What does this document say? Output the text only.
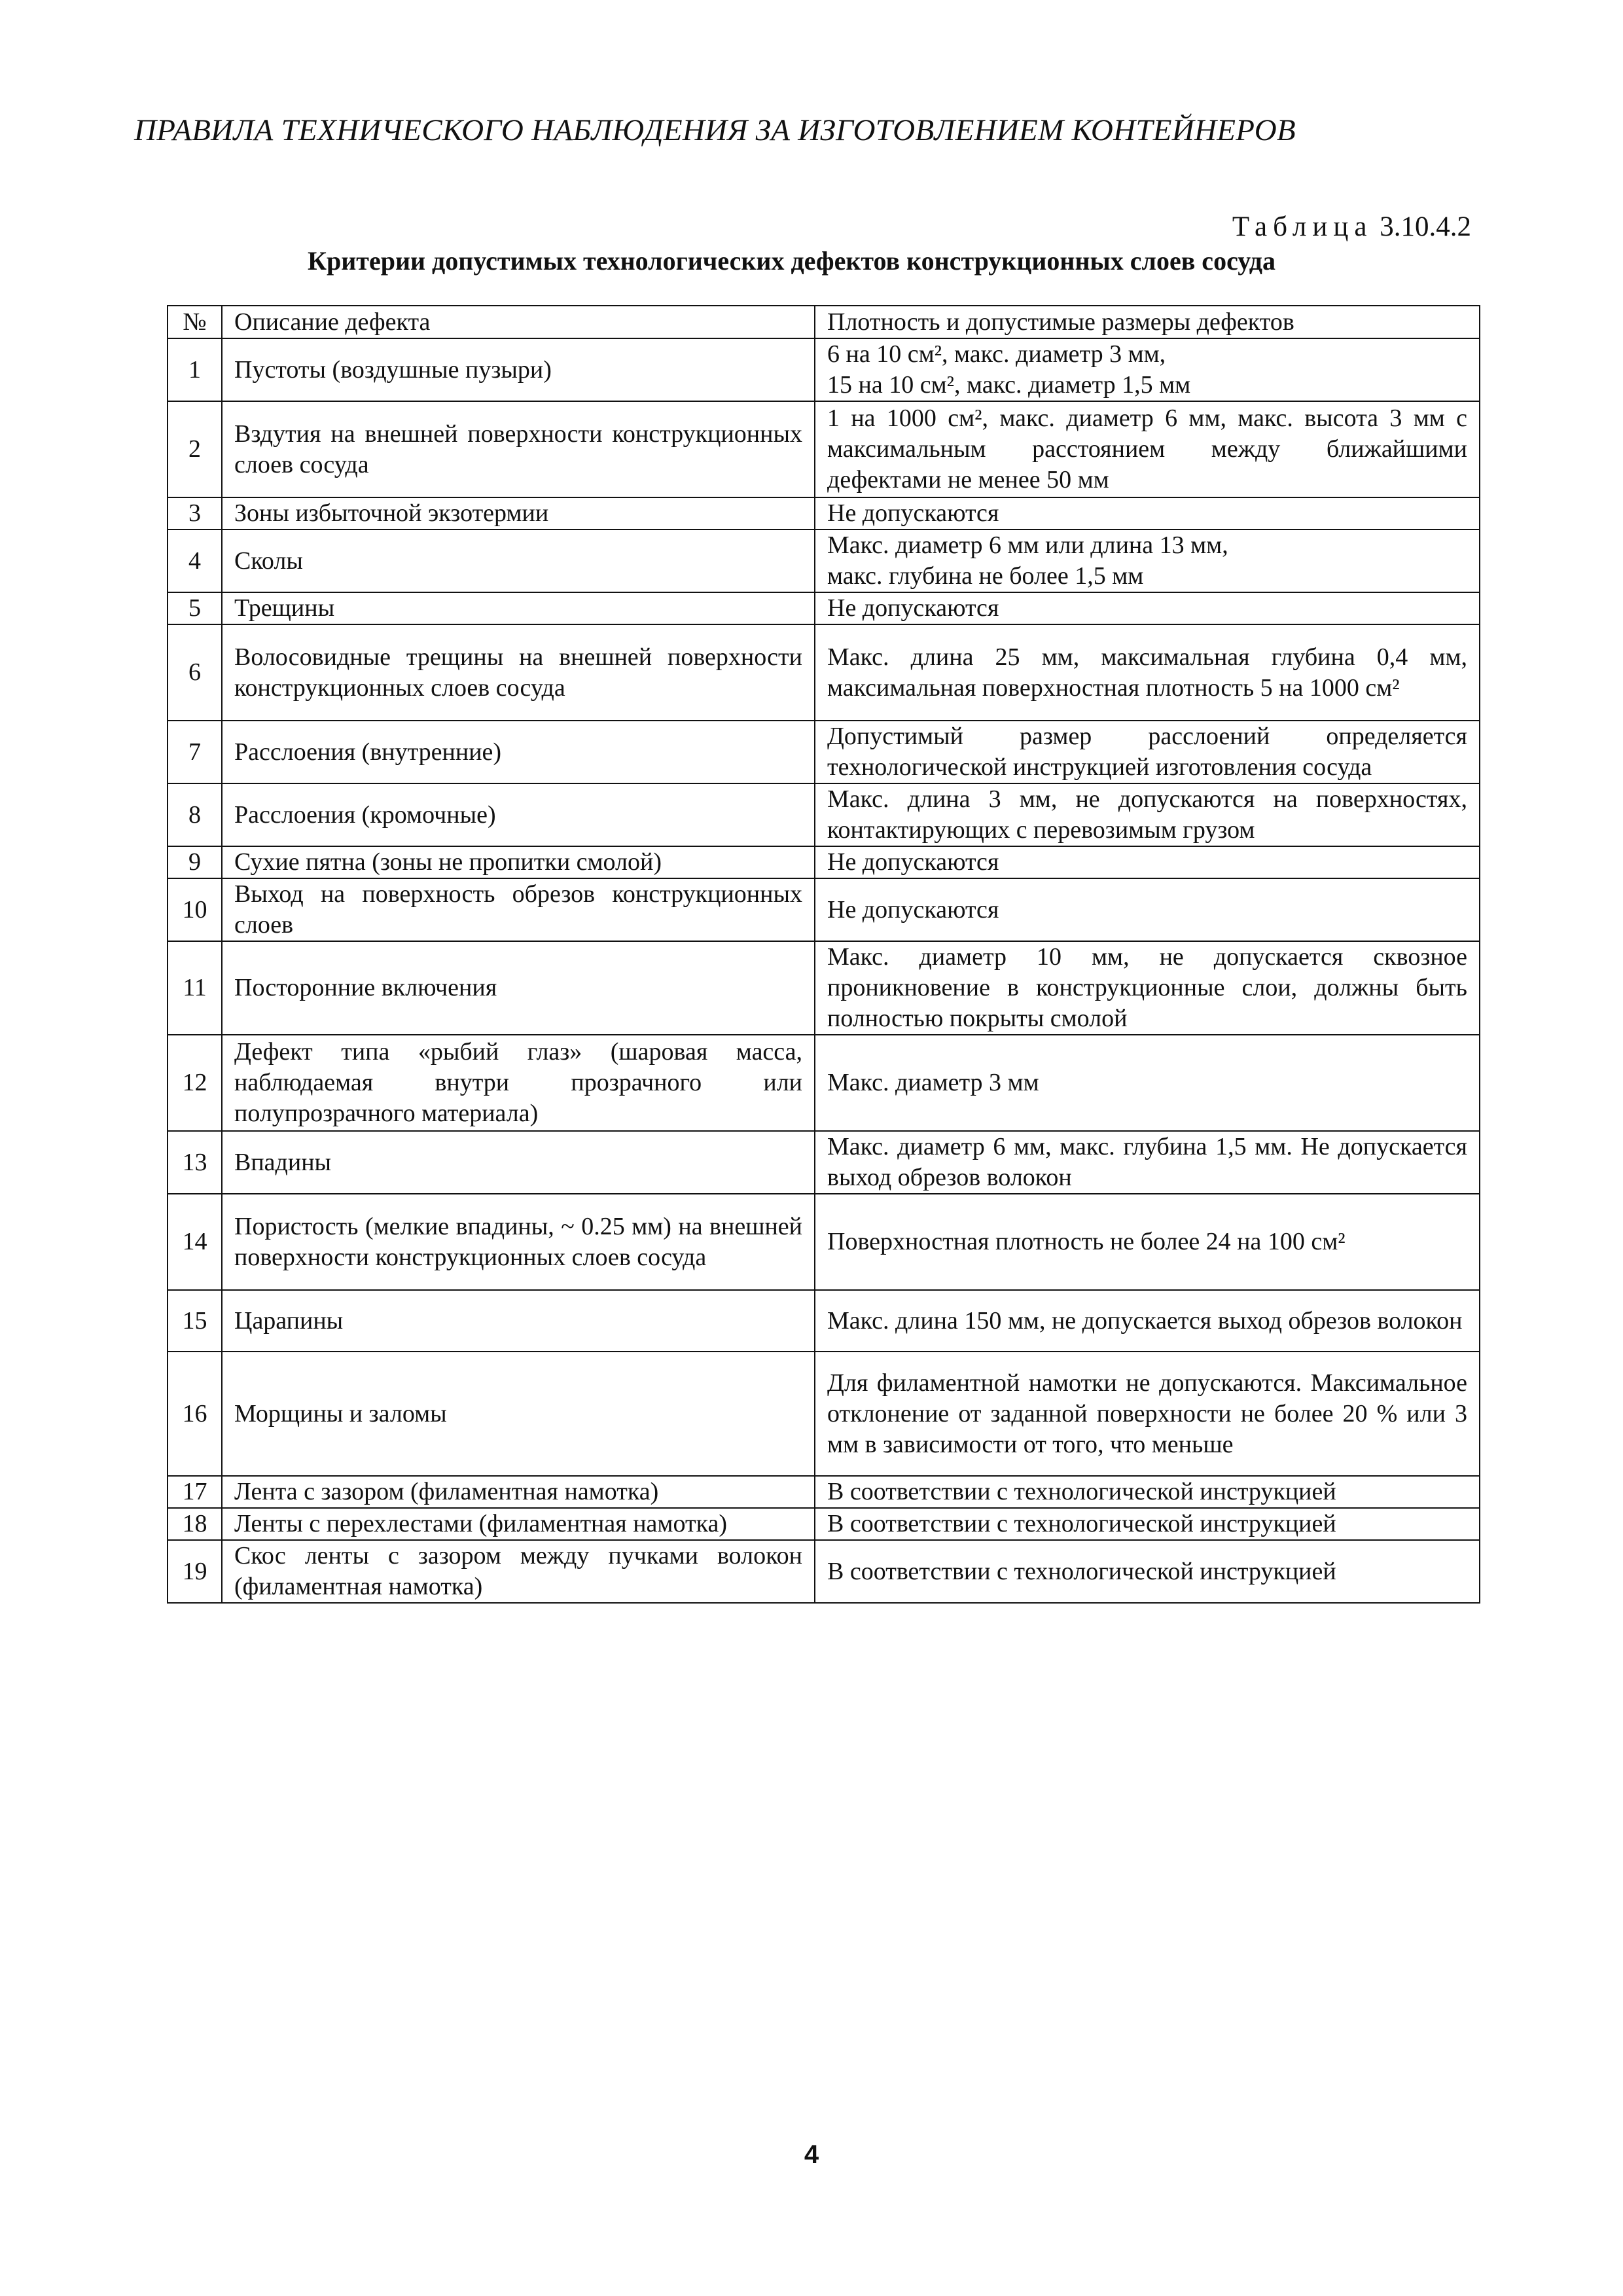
ПРАВИЛА ТЕХНИЧЕСКОГО НАБЛЮДЕНИЯ ЗА ИЗГОТОВЛЕНИЕМ КОНТЕЙНЕРОВ
Таблица 3.10.4.2
Критерии допустимых технологических дефектов конструкционных слоев сосуда
№	Описание дефекта	Плотность и допустимые размеры дефектов
1	Пустоты (воздушные пузыри)	6 на 10 см², макс. диаметр 3 мм,
15 на 10 см², макс. диаметр 1,5 мм
2	Вздутия на внешней поверхности конструкционных слоев сосуда	1 на 1000 см², макс. диаметр 6 мм, макс. высота 3 мм с максимальным расстоянием между ближайшими дефектами не менее 50 мм
3	Зоны избыточной экзотермии	Не допускаются
4	Сколы	Макс. диаметр 6 мм или длина 13 мм,
макс. глубина не более 1,5 мм
5	Трещины	Не допускаются
6	Волосовидные трещины на внешней поверхности конструкционных слоев сосуда	Макс. длина 25 мм, максимальная глубина 0,4 мм, максимальная поверхностная плотность 5 на 1000 см²
7	Расслоения (внутренние)	Допустимый размер расслоений определяется технологической инструкцией изготовления сосуда
8	Расслоения (кромочные)	Макс. длина 3 мм, не допускаются на поверхностях, контактирующих с перевозимым грузом
9	Сухие пятна (зоны не пропитки смолой)	Не допускаются
10	Выход на поверхность обрезов конструкционных слоев	Не допускаются
11	Посторонние включения	Макс. диаметр 10 мм, не допускается сквозное проникновение в конструкционные слои, должны быть полностью покрыты смолой
12	Дефект типа «рыбий глаз» (шаровая масса, наблюдаемая внутри прозрачного или полупрозрачного материала)	Макс. диаметр 3 мм
13	Впадины	Макс. диаметр 6 мм, макс. глубина 1,5 мм. Не допускается выход обрезов волокон
14	Пористость (мелкие впадины, ~ 0.25 мм) на внешней поверхности конструкционных слоев сосуда	Поверхностная плотность не более 24 на 100 см²
15	Царапины	Макс. длина 150 мм, не допускается выход обрезов волокон
16	Морщины и заломы	Для филаментной намотки не допускаются. Максимальное отклонение от заданной поверхности не более 20 % или 3 мм в зависимости от того, что меньше
17	Лента с зазором (филаментная намотка)	В соответствии с технологической инструкцией
18	Ленты с перехлестами (филаментная намотка)	В соответствии с технологической инструкцией
19	Скос ленты с зазором между пучками волокон (филаментная намотка)	В соответствии с технологической инструкцией
4
